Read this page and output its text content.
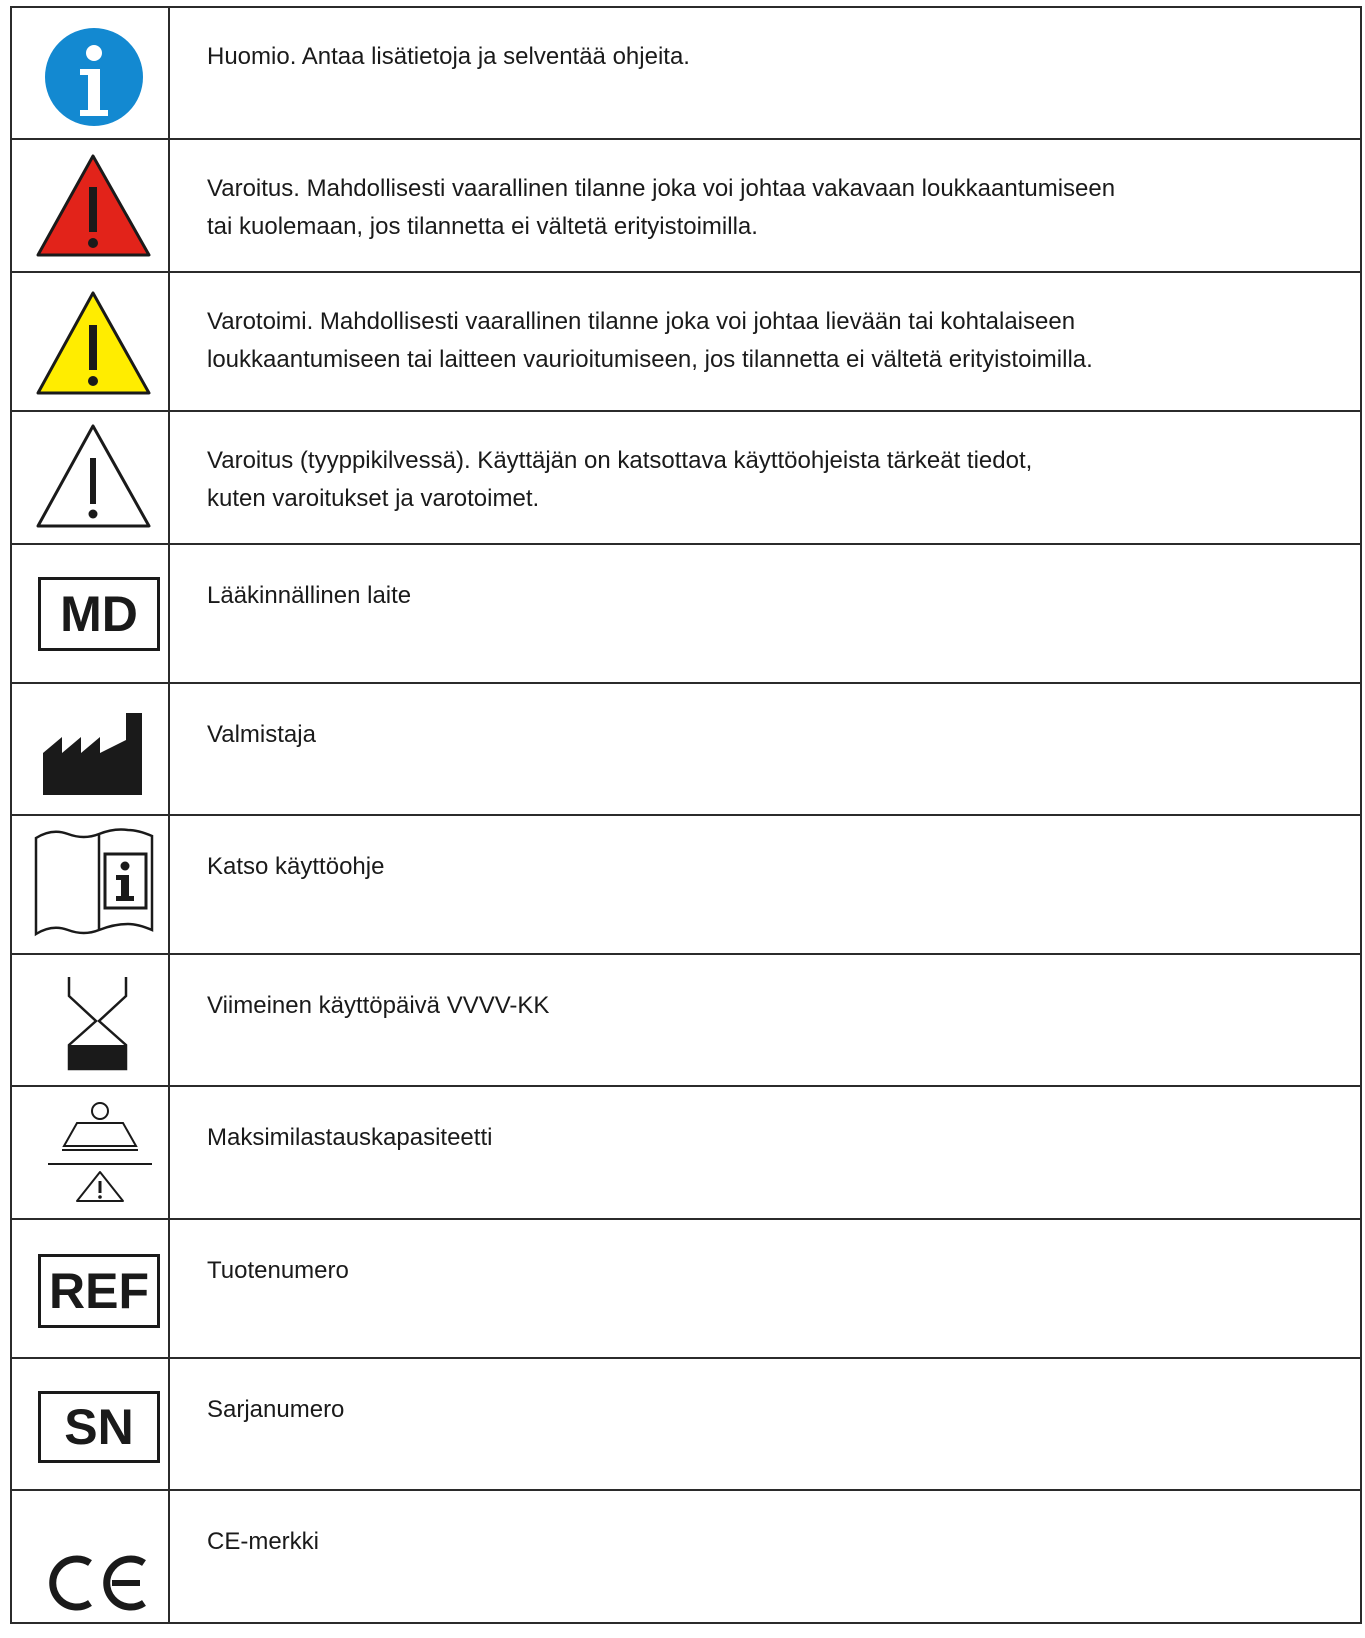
Huomio. Antaa lisätietoja ja selventää ohjeita.

Varoitus. Mahdollisesti vaarallinen tilanne joka voi johtaa vakavaan loukkaantumiseen
tai kuolemaan, jos tilannetta ei vältetä erityistoimilla.

Varotoimi. Mahdollisesti vaarallinen tilanne joka voi johtaa lievään tai kohtalaiseen
loukkaantumiseen tai laitteen vaurioitumiseen, jos tilannetta ei vältetä erityistoimilla.

Varoitus (tyyppikilvessä). Käyttäjän on katsottava käyttöohjeista tärkeät tiedot,
kuten varoitukset ja varotoimet.

MD	Lääkinnällinen laite

Valmistaja

Katso käyttöohje

Viimeinen käyttöpäivä VVVV-KK

Maksimilastauskapasiteetti

REF	Tuotenumero

SN	Sarjanumero

CE-merkki
